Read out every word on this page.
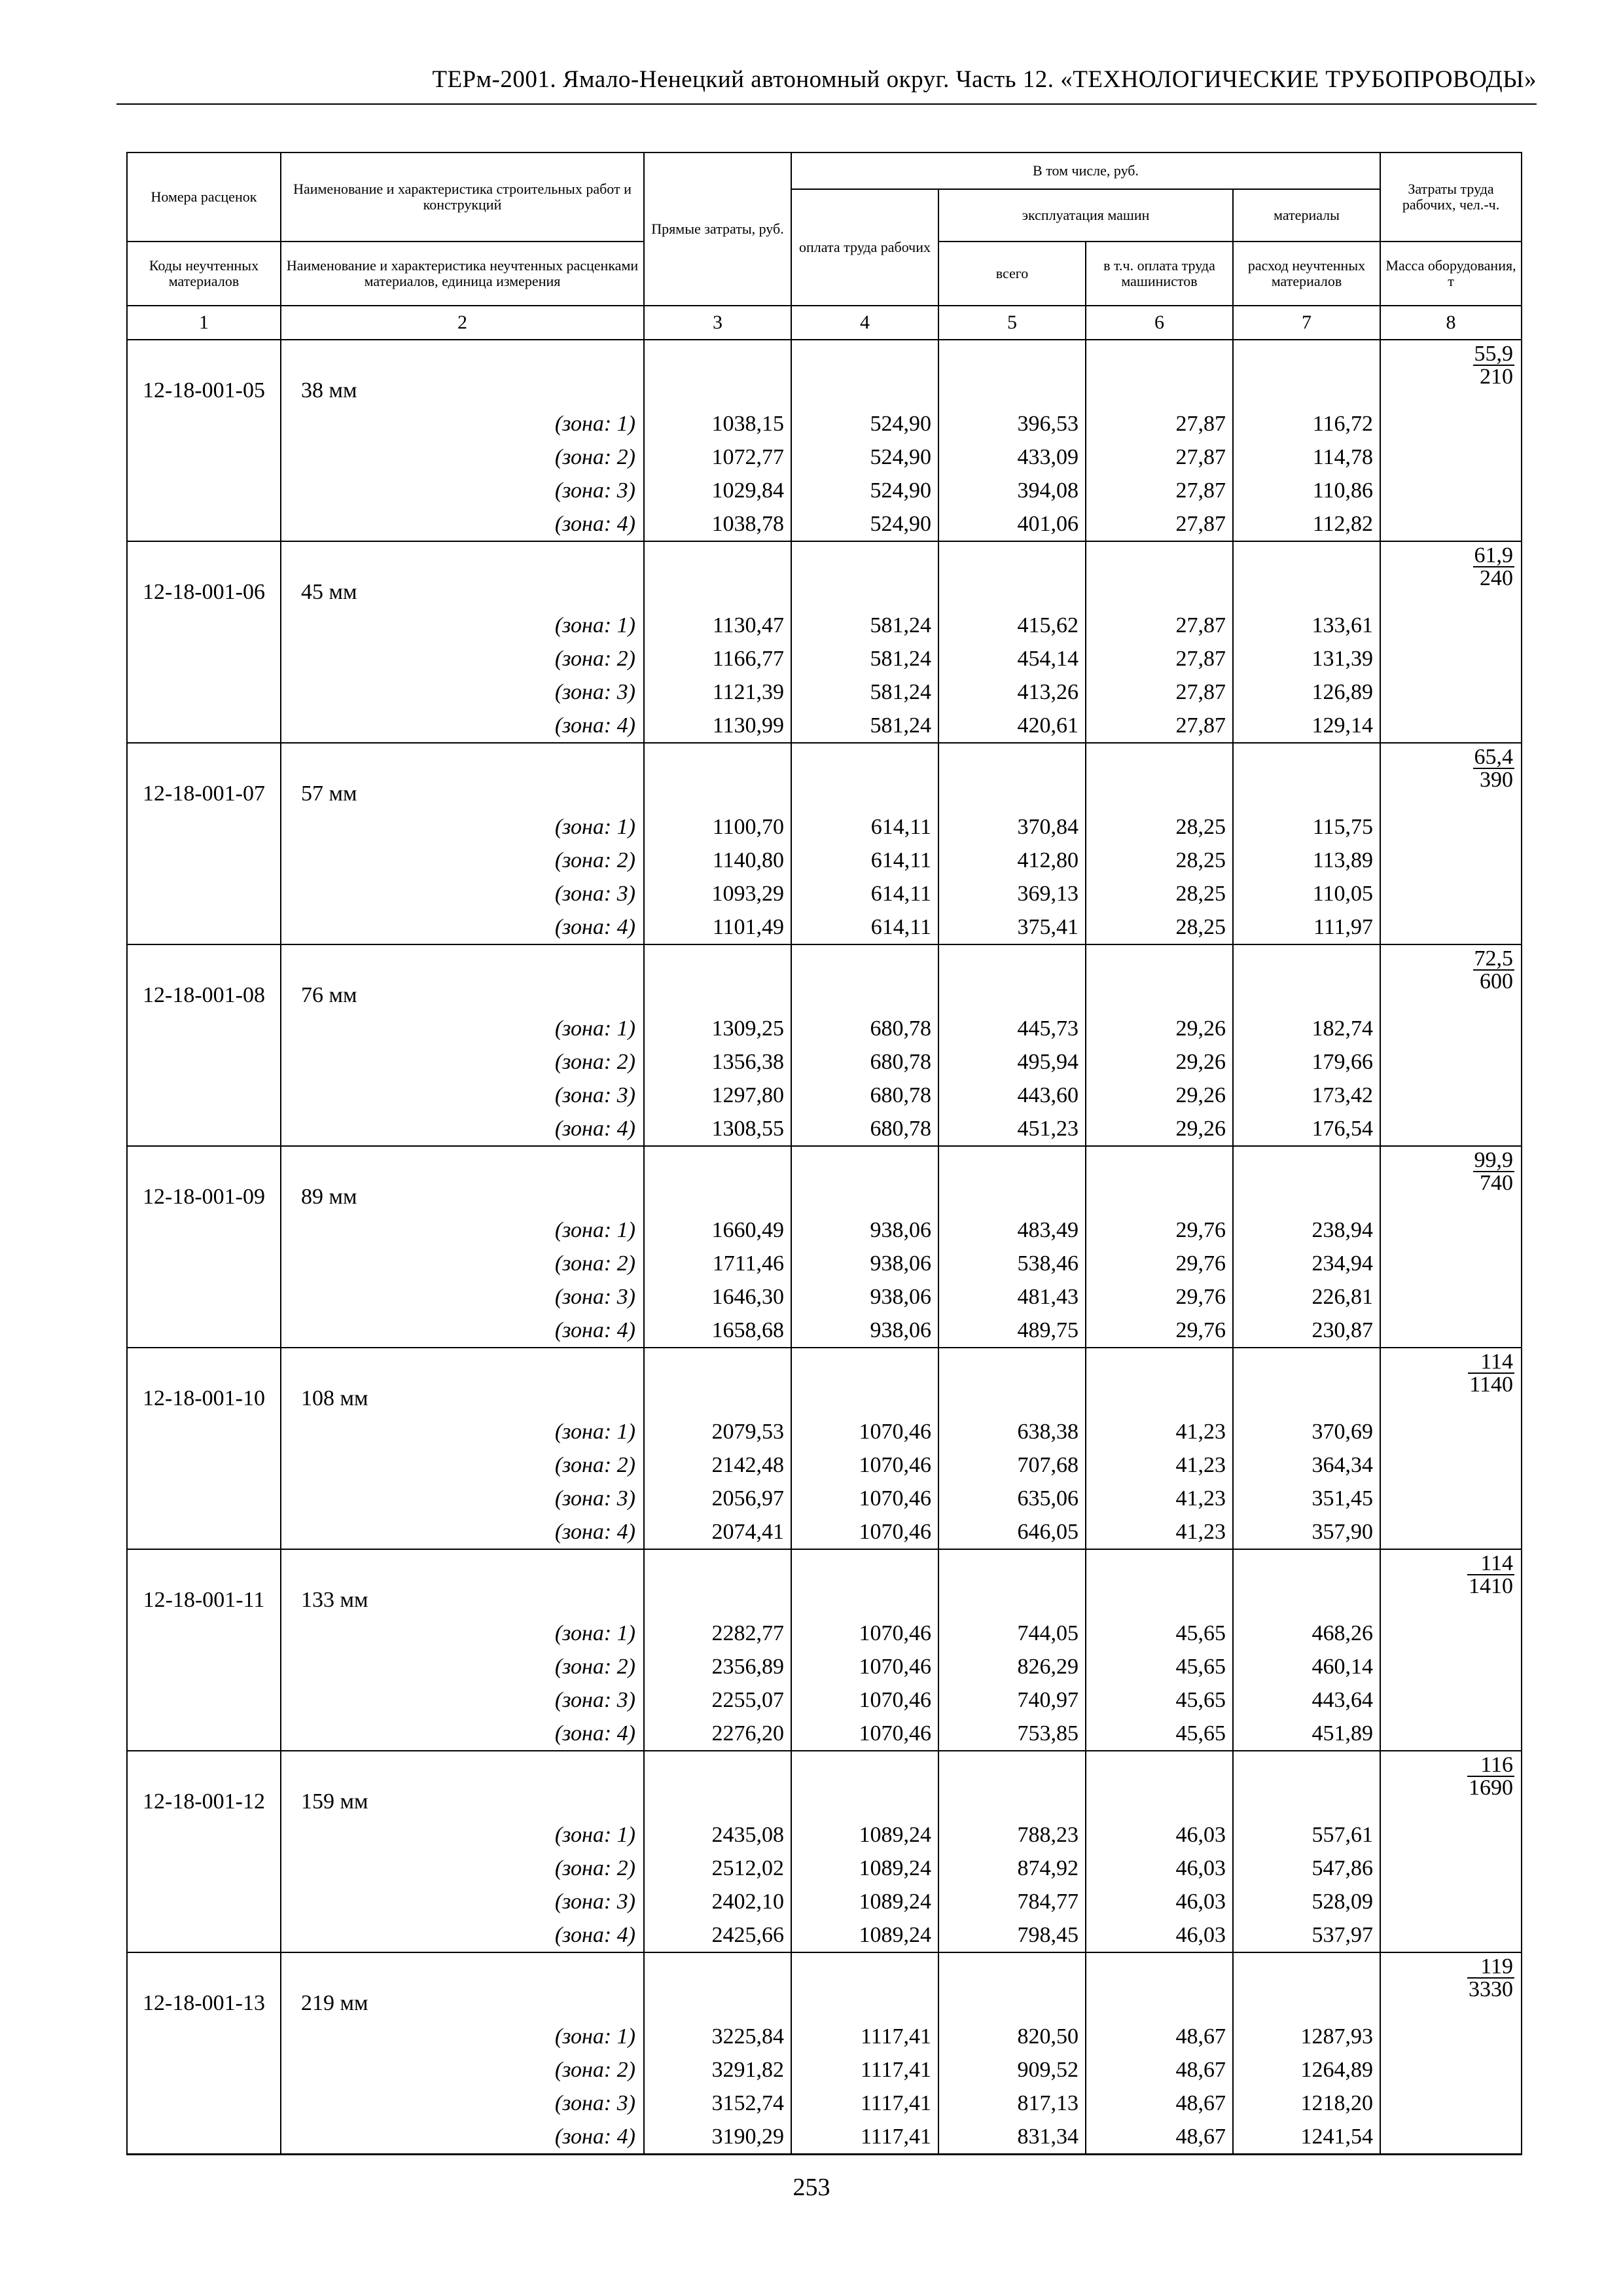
ТЕРм-2001. Ямало-Ненецкий автономный округ. Часть 12. «ТЕХНОЛОГИЧЕСКИЕ ТРУБОПРОВОДЫ»
Номера расценок	Наименование и характеристика строительных работ и конструкций	Прямые затраты, руб.	В том числе, руб.				Затраты труда рабочих, чел.-ч.
			оплата труда рабочих	эксплуатация машин		материалы	
Коды неучтенных материалов	Наименование и характеристика неучтенных расценками материалов, единица измерения			всего	в т.ч. оплата труда машинистов	расход неучтенных материалов	Масса оборудования, т
1	2	3	4	5	6	7	8
12-18-001-05	38 мм						$\frac{55,9}{210}$

	(зона: 1)	1038,15	524,90	396,53	27,87	116,72	
	(зона: 2)	1072,77	524,90	433,09	27,87	114,78	
	(зона: 3)	1029,84	524,90	394,08	27,87	110,86	
	(зона: 4)	1038,78	524,90	401,06	27,87	112,82	
12-18-001-06	45 мм						$\frac{61,9}{240}$

	(зона: 1)	1130,47	581,24	415,62	27,87	133,61	
	(зона: 2)	1166,77	581,24	454,14	27,87	131,39	
	(зона: 3)	1121,39	581,24	413,26	27,87	126,89	
	(зона: 4)	1130,99	581,24	420,61	27,87	129,14	
12-18-001-07	57 мм						$\frac{65,4}{390}$

	(зона: 1)	1100,70	614,11	370,84	28,25	115,75	
	(зона: 2)	1140,80	614,11	412,80	28,25	113,89	
	(зона: 3)	1093,29	614,11	369,13	28,25	110,05	
	(зона: 4)	1101,49	614,11	375,41	28,25	111,97	
12-18-001-08	76 мм						$\frac{72,5}{600}$

	(зона: 1)	1309,25	680,78	445,73	29,26	182,74	
	(зона: 2)	1356,38	680,78	495,94	29,26	179,66	
	(зона: 3)	1297,80	680,78	443,60	29,26	173,42	
	(зона: 4)	1308,55	680,78	451,23	29,26	176,54	
12-18-001-09	89 мм						$\frac{99,9}{740}$

	(зона: 1)	1660,49	938,06	483,49	29,76	238,94	
	(зона: 2)	1711,46	938,06	538,46	29,76	234,94	
	(зона: 3)	1646,30	938,06	481,43	29,76	226,81	
	(зона: 4)	1658,68	938,06	489,75	29,76	230,87	
12-18-001-10	108 мм						$\frac{114}{1140}$

	(зона: 1)	2079,53	1070,46	638,38	41,23	370,69	
	(зона: 2)	2142,48	1070,46	707,68	41,23	364,34	
	(зона: 3)	2056,97	1070,46	635,06	41,23	351,45	
	(зона: 4)	2074,41	1070,46	646,05	41,23	357,90	
12-18-001-11	133 мм						$\frac{114}{1410}$

	(зона: 1)	2282,77	1070,46	744,05	45,65	468,26	
	(зона: 2)	2356,89	1070,46	826,29	45,65	460,14	
	(зона: 3)	2255,07	1070,46	740,97	45,65	443,64	
	(зона: 4)	2276,20	1070,46	753,85	45,65	451,89	
12-18-001-12	159 мм						$\frac{116}{1690}$

	(зона: 1)	2435,08	1089,24	788,23	46,03	557,61	
	(зона: 2)	2512,02	1089,24	874,92	46,03	547,86	
	(зона: 3)	2402,10	1089,24	784,77	46,03	528,09	
	(зона: 4)	2425,66	1089,24	798,45	46,03	537,97	
12-18-001-13	219 мм						$\frac{119}{3330}$

	(зона: 1)	3225,84	1117,41	820,50	48,67	1287,93	
	(зона: 2)	3291,82	1117,41	909,52	48,67	1264,89	
	(зона: 3)	3152,74	1117,41	817,13	48,67	1218,20	
	(зона: 4)	3190,29	1117,41	831,34	48,67	1241,54	
253
